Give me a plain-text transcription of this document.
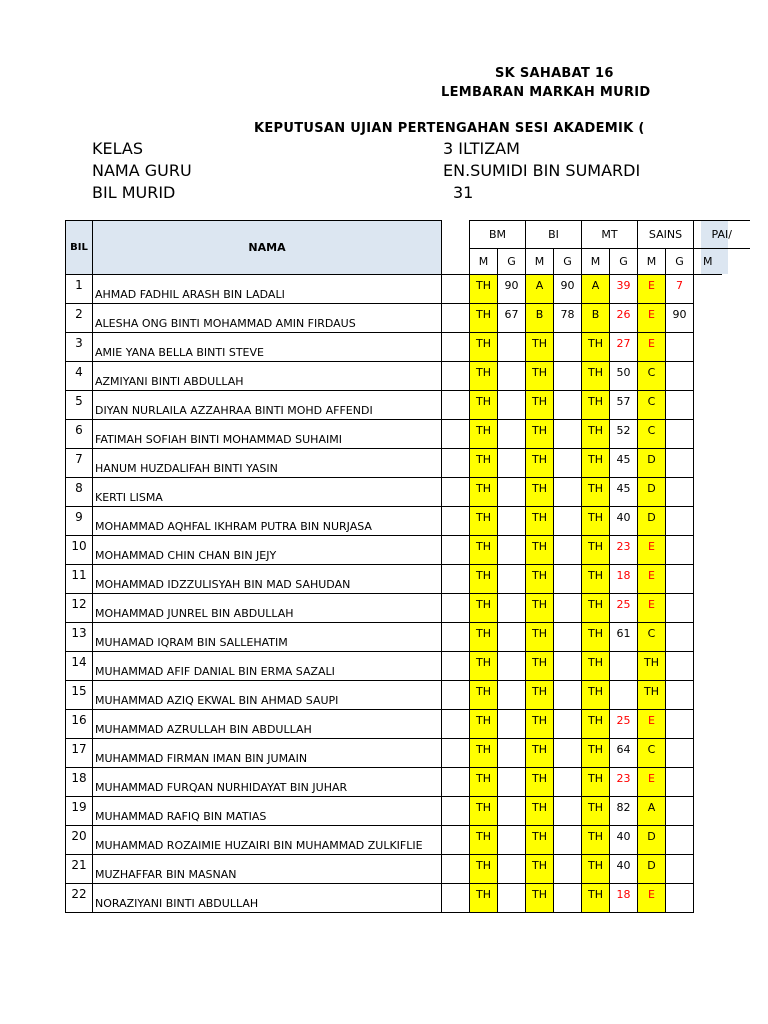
SK SAHABAT 16
LEMBARAN MARKAH MURID
KEPUTUSAN UJIAN PERTENGAHAN SESI AKADEMIK (
KELAS	3 ILTIZAM
NAMA GURU	EN.SUMIDI BIN SUMARDI
BIL MURID	31
BIL	NAMA		BM		BI		MT		SAINS		PAI/	
			M	G	M	G	M	G	M	G	M	
1	AHMAD FADHIL ARASH BIN LADALI		TH	90	A	90	A	39	E	7		
2	ALESHA ONG BINTI MOHAMMAD AMIN FIRDAUS		TH	67	B	78	B	26	E	90		
3	AMIE YANA BELLA BINTI STEVE		TH		TH		TH	27	E			
4	AZMIYANI BINTI ABDULLAH		TH		TH		TH	50	C			
5	DIYAN NURLAILA AZZAHRAA BINTI MOHD AFFENDI		TH		TH		TH	57	C			
6	FATIMAH SOFIAH BINTI MOHAMMAD SUHAIMI		TH		TH		TH	52	C			
7	HANUM HUZDALIFAH BINTI YASIN		TH		TH		TH	45	D			
8	KERTI LISMA		TH		TH		TH	45	D			
9	MOHAMMAD AQHFAL IKHRAM PUTRA BIN NURJASA		TH		TH		TH	40	D			
10	MOHAMMAD CHIN CHAN BIN JEJY		TH		TH		TH	23	E			
11	MOHAMMAD IDZZULISYAH BIN MAD SAHUDAN		TH		TH		TH	18	E			
12	MOHAMMAD JUNREL BIN ABDULLAH		TH		TH		TH	25	E			
13	MUHAMAD IQRAM BIN SALLEHATIM		TH		TH		TH	61	C			
14	MUHAMMAD AFIF DANIAL BIN ERMA SAZALI		TH		TH		TH		TH			
15	MUHAMMAD AZIQ EKWAL BIN AHMAD SAUPI		TH		TH		TH		TH			
16	MUHAMMAD AZRULLAH BIN ABDULLAH		TH		TH		TH	25	E			
17	MUHAMMAD FIRMAN IMAN BIN JUMAIN		TH		TH		TH	64	C			
18	MUHAMMAD FURQAN NURHIDAYAT BIN JUHAR		TH		TH		TH	23	E			
19	MUHAMMAD RAFIQ BIN MATIAS		TH		TH		TH	82	A			
20	MUHAMMAD ROZAIMIE HUZAIRI BIN MUHAMMAD ZULKIFLIE		TH		TH		TH	40	D			
21	MUZHAFFAR BIN MASNAN		TH		TH		TH	40	D			
22	NORAZIYANI BINTI ABDULLAH		TH		TH		TH	18	E			
